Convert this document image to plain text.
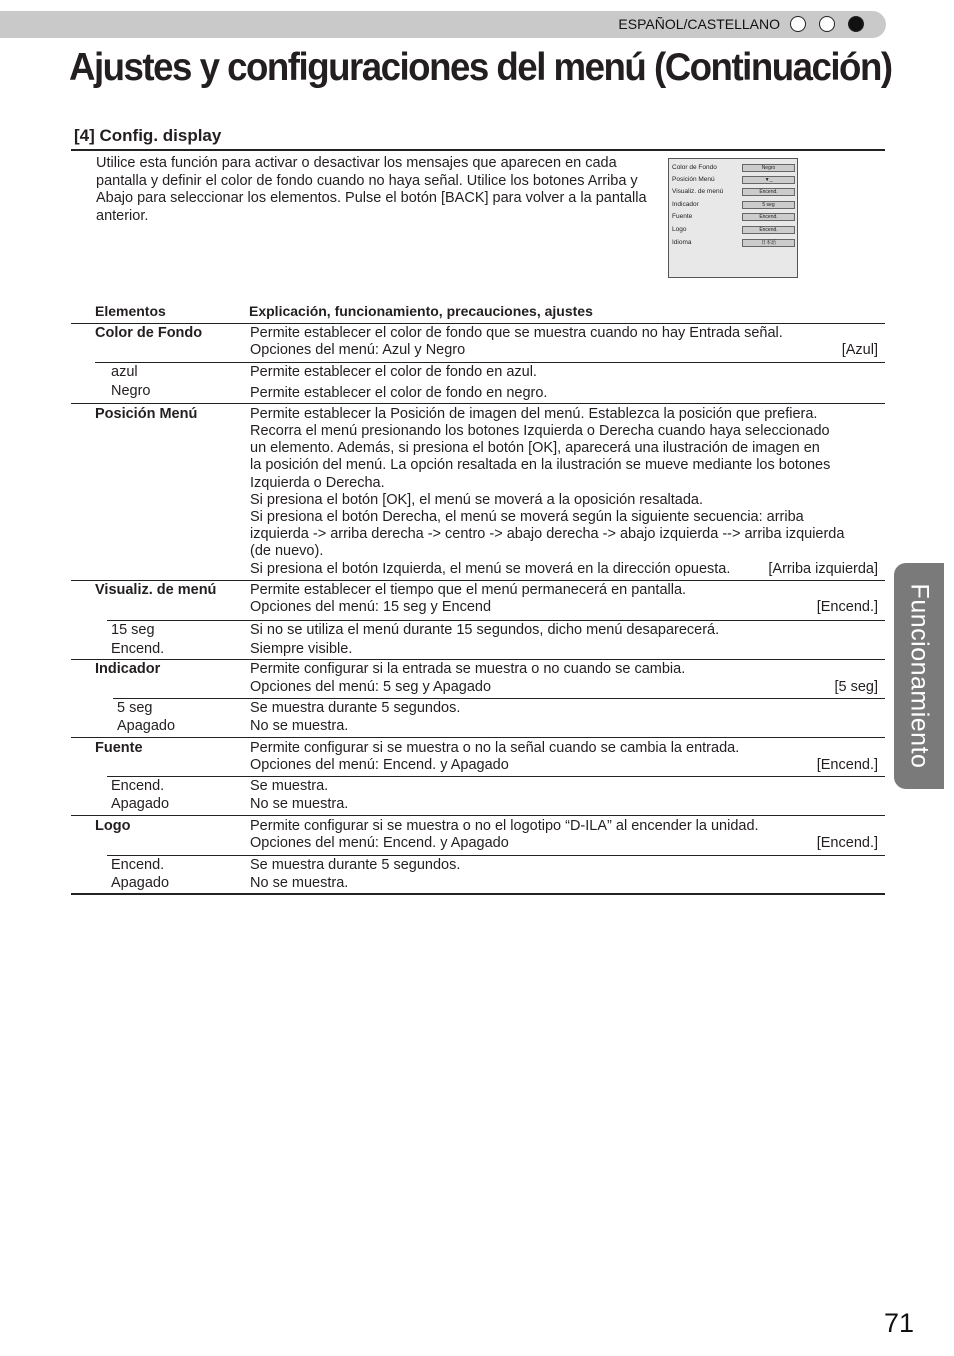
ESPAÑOL/CASTELLANO
Ajustes y configuraciones del menú (Continuación)
[4] Config. display

Utilice esta función para activar o desactivar los mensajes que aparecen en cada pantalla y definir el color de fondo cuando no haya señal. Utilice los botones Arriba y Abajo para seleccionar los elementos. Pulse el botón [BACK] para volver a la pantalla anterior.

Color de Fondo	Negro
Posición Menú	▼_
Visualiz. de menú	Encend.
Indicador	5 seg
Fuente	Encend.
Logo	Encend.
Idioma	日本語
Elementos	Explicación, funcionamiento, precauciones, ajustes
Color de Fondo	Permite establecer el color de fondo que se muestra cuando no hay Entrada señal.
Opciones del menú: Azul y Negro	[Azul]
azul	Permite establecer el color de fondo en azul.
Negro	Permite establecer el color de fondo en negro.
Posición Menú	Permite establecer la Posición de imagen del menú. Establezca la posición que prefiera.
Recorra el menú presionando los botones Izquierda o Derecha cuando haya seleccionado
un elemento. Además, si presiona el botón [OK], aparecerá una ilustración de imagen en
la posición del menú. La opción resaltada en la ilustración se mueve mediante los botones
Izquierda o Derecha.
Si presiona el botón [OK], el menú se moverá a la oposición resaltada.
Si presiona el botón Derecha, el menú se moverá según la siguiente secuencia: arriba
izquierda -> arriba derecha -> centro -> abajo derecha -> abajo izquierda --> arriba izquierda
(de nuevo).
Si presiona el botón Izquierda, el menú se moverá en la dirección opuesta.	[Arriba izquierda]
Visualiz. de menú Permite establecer el tiempo que el menú permanecerá en pantalla.
Opciones del menú: 15 seg y Encend	[Encend.]
15 seg	Si no se utiliza el menú durante 15 segundos, dicho menú desaparecerá.
Encend.	Siempre visible.
Indicador	Permite configurar si la entrada se muestra o no cuando se cambia.
Opciones del menú: 5 seg y Apagado	[5 seg]
5 seg	Se muestra durante 5 segundos.
Apagado	No se muestra.
Fuente	Permite configurar si se muestra o no la señal cuando se cambia la entrada.
Opciones del menú: Encend. y Apagado	[Encend.]
Encend.	Se muestra.
Apagado	No se muestra.
Logo	Permite configurar si se muestra o no el logotipo “D-ILA” al encender la unidad.
Opciones del menú: Encend. y Apagado	[Encend.]
Encend.	Se muestra durante 5 segundos.
Apagado	No se muestra.
Funcionamiento
71
